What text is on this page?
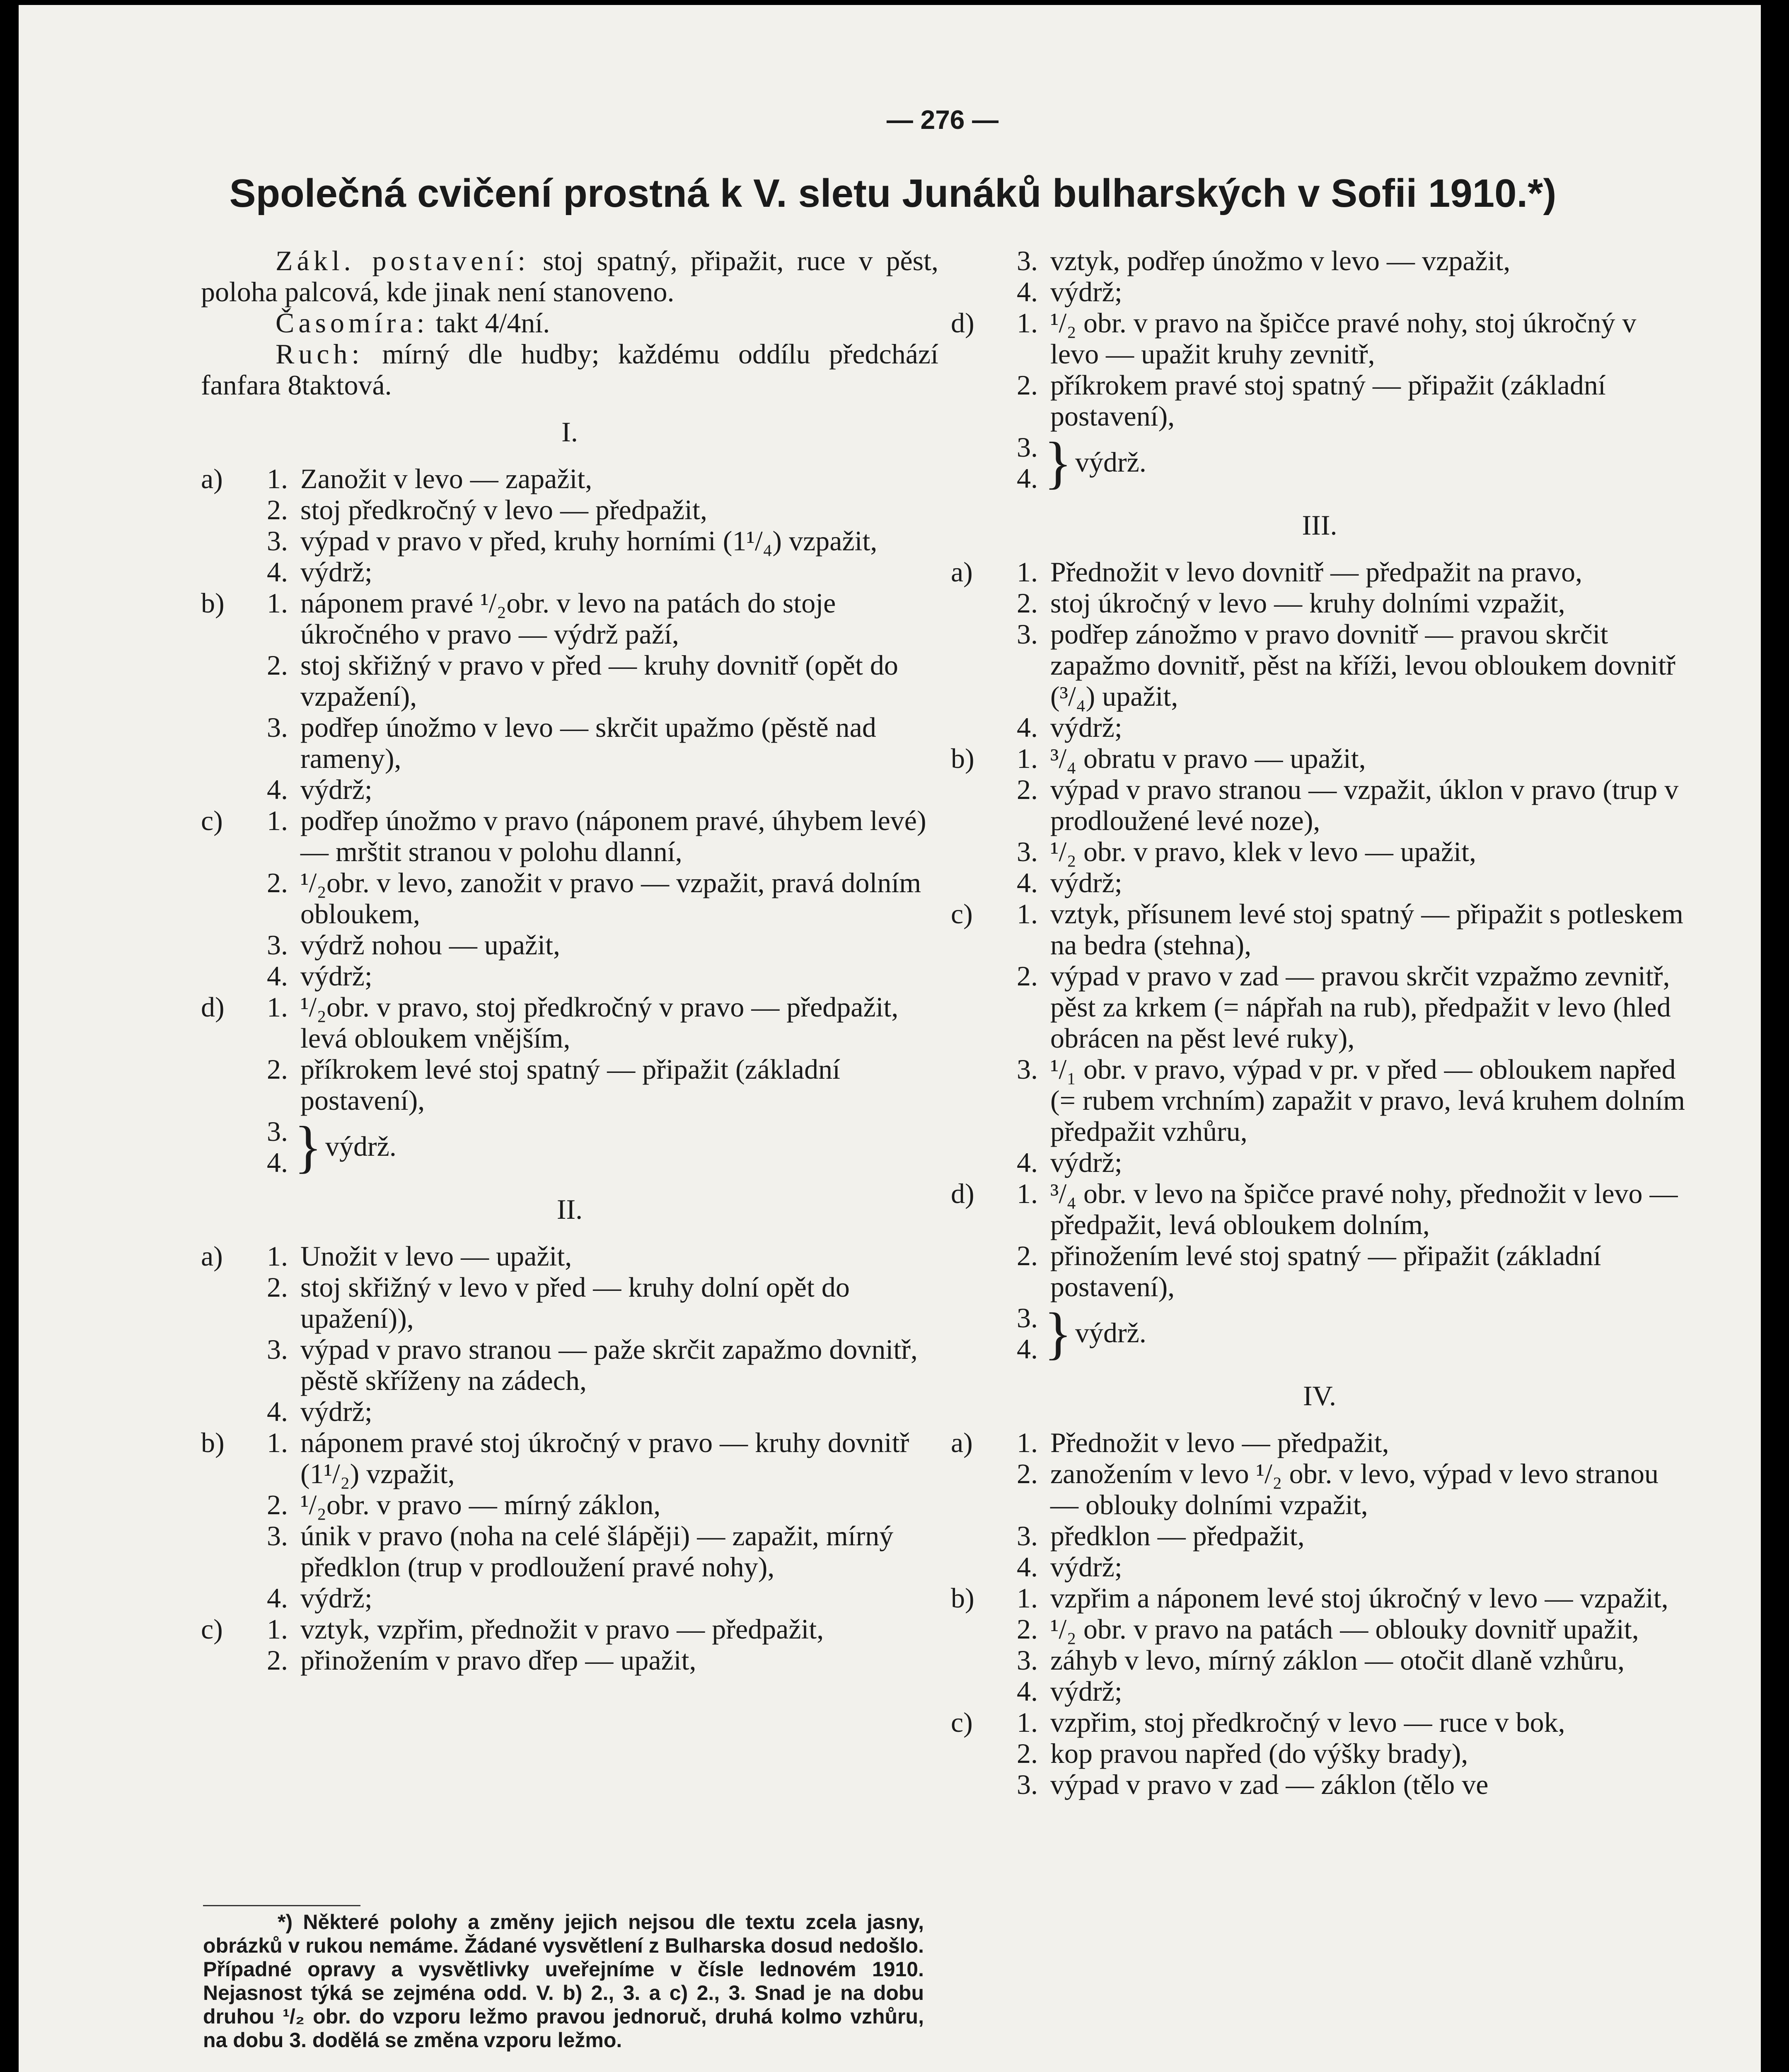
— 276 —
Společná cvičení prostná k V. sletu Junáků bulharských v Sofii 1910.*)

Zákl. postavení: stoj spatný, připažit, ruce v pěst, poloha palcová, kde jinak není stanoveno.

Časomíra: takt 4/4ní.

Ruch: mírný dle hudby; každému oddílu předchází fanfara 8taktová.

I.
a)	1. Zanožit v levo — zapažit,
2. stoj předkročný v levo — předpažit,
3. výpad v pravo v před, kruhy horními (1¹/₄) vzpažit,
4. výdrž;
b)	1. náponem pravé ¹/₂obr. v levo na patách do stoje úkročného v pravo — výdrž paží,
2. stoj skřižný v pravo v před — kruhy dovnitř (opět do vzpažení),
3. podřep únožmo v levo — skrčit upažmo (pěstě nad rameny),
4. výdrž;
c)	1. podřep únožmo v pravo (náponem pravé, úhybem levé) — mrštit stranou v polohu dlanní,
2. ¹/₂obr. v levo, zanožit v pravo — vzpažit, pravá dolním obloukem,
3. výdrž nohou — upažit,
4. výdrž;
d)	1. ¹/₂obr. v pravo, stoj předkročný v pravo — předpažit, levá obloukem vnějším,
2. příkrokem levé stoj spatný — připažit (základní postavení),
3.
4. } výdrž.
II.
a)	1. Unožit v levo — upažit,
2. stoj skřižný v levo v před — kruhy dolní opět do upažení)),
3. výpad v pravo stranou — paže skrčit zapažmo dovnitř, pěstě skříženy na zádech,
4. výdrž;
b)	1. náponem pravé stoj úkročný v pravo — kruhy dovnitř (1¹/₂) vzpažit,
2. ¹/₂obr. v pravo — mírný záklon,
3. únik v pravo (noha na celé šlápěji) — zapažit, mírný předklon (trup v prodloužení pravé nohy),
4. výdrž;
c)	1. vztyk, vzpřim, přednožit v pravo — předpažit,
2. přinožením v pravo dřep — upažit,
3. vztyk, podřep únožmo v levo — vzpažit,
4. výdrž;
d)	1. ¹/₂ obr. v pravo na špičce pravé nohy, stoj úkročný v levo — upažit kruhy zevnitř,
2. příkrokem pravé stoj spatný — připažit (základní postavení),
3.
4. } výdrž.
III.
a)	1. Přednožit v levo dovnitř — předpažit na pravo,
2. stoj úkročný v levo — kruhy dolními vzpažit,
3. podřep zánožmo v pravo dovnitř — pravou skrčit zapažmo dovnitř, pěst na kříži, levou obloukem dovnitř (³/₄) upažit,
4. výdrž;
b)	1. ³/₄ obratu v pravo — upažit,
2. výpad v pravo stranou — vzpažit, úklon v pravo (trup v prodloužené levé noze),
3. ¹/₂ obr. v pravo, klek v levo — upažit,
4. výdrž;
c)	1. vztyk, přísunem levé stoj spatný — připažit s potleskem na bedra (stehna),
2. výpad v pravo v zad — pravou skrčit vzpažmo zevnitř, pěst za krkem (= nápřah na rub), předpažit v levo (hled obrácen na pěst levé ruky),
3. ¹/₁ obr. v pravo, výpad v pr. v před — obloukem napřed (= rubem vrchním) zapažit v pravo, levá kruhem dolním předpažit vzhůru,
4. výdrž;
d)	1. ³/₄ obr. v levo na špičce pravé nohy, přednožit v levo — předpažit, levá obloukem dolním,
2. přinožením levé stoj spatný — připažit (základní postavení),
3.
4. } výdrž.
IV.
a)	1. Přednožit v levo — předpažit,
2. zanožením v levo ¹/₂ obr. v levo, výpad v levo stranou — oblouky dolními vzpažit,
3. předklon — předpažit,
4. výdrž;
b)	1. vzpřim a náponem levé stoj úkročný v levo — vzpažit,
2. ¹/₂ obr. v pravo na patách — oblouky dovnitř upažit,
3. záhyb v levo, mírný záklon — otočit dlaně vzhůru,
4. výdrž;
c)	1. vzpřim, stoj předkročný v levo — ruce v bok,
2. kop pravou napřed (do výšky brady),
3. výpad v pravo v zad — záklon (tělo ve
*) Některé polohy a změny jejich nejsou dle textu zcela jasny, obrázků v rukou nemáme. Žádané vysvětlení z Bulharska dosud nedošlo. Případné opravy a vysvětlivky uveřejníme v čísle lednovém 1910. Nejasnost týká se zejména odd. V. b) 2., 3. a c) 2., 3. Snad je na dobu druhou ¹/₂ obr. do vzporu ležmo pravou jednoruč, druhá kolmo vzhůru, na dobu 3. dodělá se změna vzporu ležmo.
